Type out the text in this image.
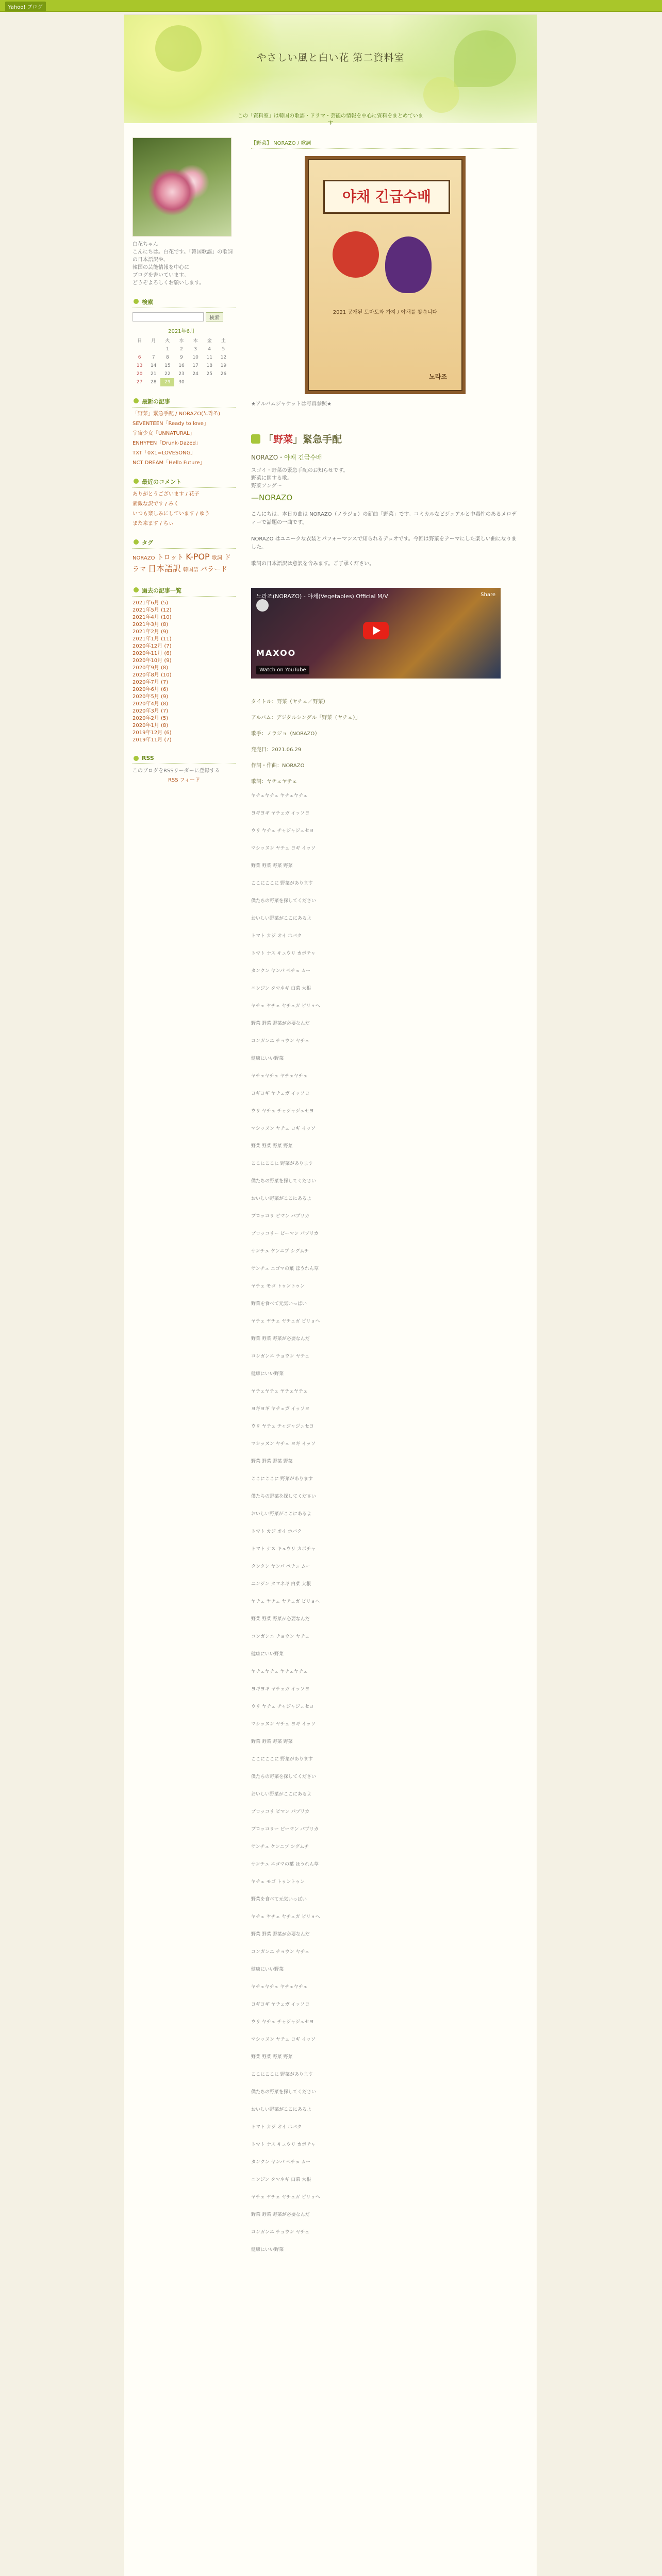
Yahoo! ブログ
やさしい風と白い花 第二資料室
この「資料室」は韓国の歌謡・ドラマ・芸能の情報を中心に資料をまとめています
白花ちゃん
こんにちは。白花です。「韓国歌謡」の歌詞の日本語訳や、
韓国の芸能情報を中心に
ブログを書いています。
どうぞよろしくお願いします。
検索
検索
2021年6月
日	月	火	水	木	金	土
		1	2	3	4	5
6	7	8	9	10	11	12
13	14	15	16	17	18	19
20	21	22	23	24	25	26
27	28	29	30			
最新の記事
「野菜」緊急手配 / NORAZO(노라조)
SEVENTEEN「Ready to love」
宇宙少女「UNNATURAL」
ENHYPEN「Drunk-Dazed」
TXT「0X1=LOVESONG」
NCT DREAM「Hello Future」
最近のコメント
ありがとうございます / 花子
素敵な訳です / みく
いつも楽しみにしています / ゆう
また来ます / ちぃ
タグ
NORAZO トロット K-POP 歌詞 ドラマ 日本語訳 韓国語 バラード
過去の記事一覧
2021年6月 (5)
2021年5月 (12)
2021年4月 (10)
2021年3月 (8)
2021年2月 (9)
2021年1月 (11)
2020年12月 (7)
2020年11月 (6)
2020年10月 (9)
2020年9月 (8)
2020年8月 (10)
2020年7月 (7)
2020年6月 (6)
2020年5月 (9)
2020年4月 (8)
2020年3月 (7)
2020年2月 (5)
2020年1月 (8)
2019年12月 (6)
2019年11月 (7)
RSS
このブログをRSSリーダーに登録する
RSS フィード
【野菜】 NORAZO / 歌詞
야채 긴급수배
2021 공개된 토마토와 가지 / 야채를 찾습니다
노라조
★アルバムジャケットは写真参照★
「野菜」緊急手配
NORAZO・야채 긴급수배
スゴイ・野菜の緊急手配のお知らせです。
野菜に関する歌。
野菜ソング〜
—NORAZO
こんにちは。本日の曲は NORAZO（ノラジョ）の新曲「野菜」です。コミカルなビジュアルと中毒性のあるメロディーで話題の一曲です。
NORAZO はユニークな衣装とパフォーマンスで知られるデュオです。今回は野菜をテーマにした楽しい曲になりました。
歌詞の日本語訳は意訳を含みます。ご了承ください。
노라조(NORAZO) - 야채(Vegetables) Official M/V	Share
MAXOO
Watch on YouTube
タイトル：野菜（ヤチェ／野菜）
アルバム：デジタルシングル「野菜（ヤチェ）」
歌手：ノラジョ（NORAZO）
発売日：2021.06.29
作詞・作曲：NORAZO
歌詞：ヤチェヤチェ
ヤチェヤチェ ヤチェヤチェ
ヨギヨギ ヤチェガ イッソヨ
ウリ ヤチェ チャジャジュセヨ
マシッヌン ヤチェ ヨギ イッソ
野菜 野菜 野菜 野菜
ここにここに 野菜があります
僕たちの野菜を探してください
おいしい野菜がここにあるよ
トマト カジ オイ ホバク
トマト ナス キュウリ カボチャ
タンクン ヤンパ ペチュ ムー
ニンジン タマネギ 白菜 大根
ヤチェ ヤチェ ヤチェガ ピリョヘ
野菜 野菜 野菜が必要なんだ
コンガンエ チョウン ヤチェ
健康にいい野菜
ヤチェヤチェ ヤチェヤチェ
ヨギヨギ ヤチェガ イッソヨ
ウリ ヤチェ チャジャジュセヨ
マシッヌン ヤチェ ヨギ イッソ
野菜 野菜 野菜 野菜
ここにここに 野菜があります
僕たちの野菜を探してください
おいしい野菜がここにあるよ
ブロッコリ ピマン パプリカ
ブロッコリー ピーマン パプリカ
サンチュ ケンニプ シグムチ
サンチュ エゴマの葉 ほうれん草
ヤチェ モゴ トゥントゥン
野菜を食べて元気いっぱい
ヤチェ ヤチェ ヤチェガ ピリョヘ
野菜 野菜 野菜が必要なんだ
コンガンエ チョウン ヤチェ
健康にいい野菜
ヤチェヤチェ ヤチェヤチェ
ヨギヨギ ヤチェガ イッソヨ
ウリ ヤチェ チャジャジュセヨ
マシッヌン ヤチェ ヨギ イッソ
野菜 野菜 野菜 野菜
ここにここに 野菜があります
僕たちの野菜を探してください
おいしい野菜がここにあるよ
トマト カジ オイ ホバク
トマト ナス キュウリ カボチャ
タンクン ヤンパ ペチュ ムー
ニンジン タマネギ 白菜 大根
ヤチェ ヤチェ ヤチェガ ピリョヘ
野菜 野菜 野菜が必要なんだ
コンガンエ チョウン ヤチェ
健康にいい野菜
ヤチェヤチェ ヤチェヤチェ
ヨギヨギ ヤチェガ イッソヨ
ウリ ヤチェ チャジャジュセヨ
マシッヌン ヤチェ ヨギ イッソ
野菜 野菜 野菜 野菜
ここにここに 野菜があります
僕たちの野菜を探してください
おいしい野菜がここにあるよ
ブロッコリ ピマン パプリカ
ブロッコリー ピーマン パプリカ
サンチュ ケンニプ シグムチ
サンチュ エゴマの葉 ほうれん草
ヤチェ モゴ トゥントゥン
野菜を食べて元気いっぱい
ヤチェ ヤチェ ヤチェガ ピリョヘ
野菜 野菜 野菜が必要なんだ
コンガンエ チョウン ヤチェ
健康にいい野菜
ヤチェヤチェ ヤチェヤチェ
ヨギヨギ ヤチェガ イッソヨ
ウリ ヤチェ チャジャジュセヨ
マシッヌン ヤチェ ヨギ イッソ
野菜 野菜 野菜 野菜
ここにここに 野菜があります
僕たちの野菜を探してください
おいしい野菜がここにあるよ
トマト カジ オイ ホバク
トマト ナス キュウリ カボチャ
タンクン ヤンパ ペチュ ムー
ニンジン タマネギ 白菜 大根
ヤチェ ヤチェ ヤチェガ ピリョヘ
野菜 野菜 野菜が必要なんだ
コンガンエ チョウン ヤチェ
健康にいい野菜
